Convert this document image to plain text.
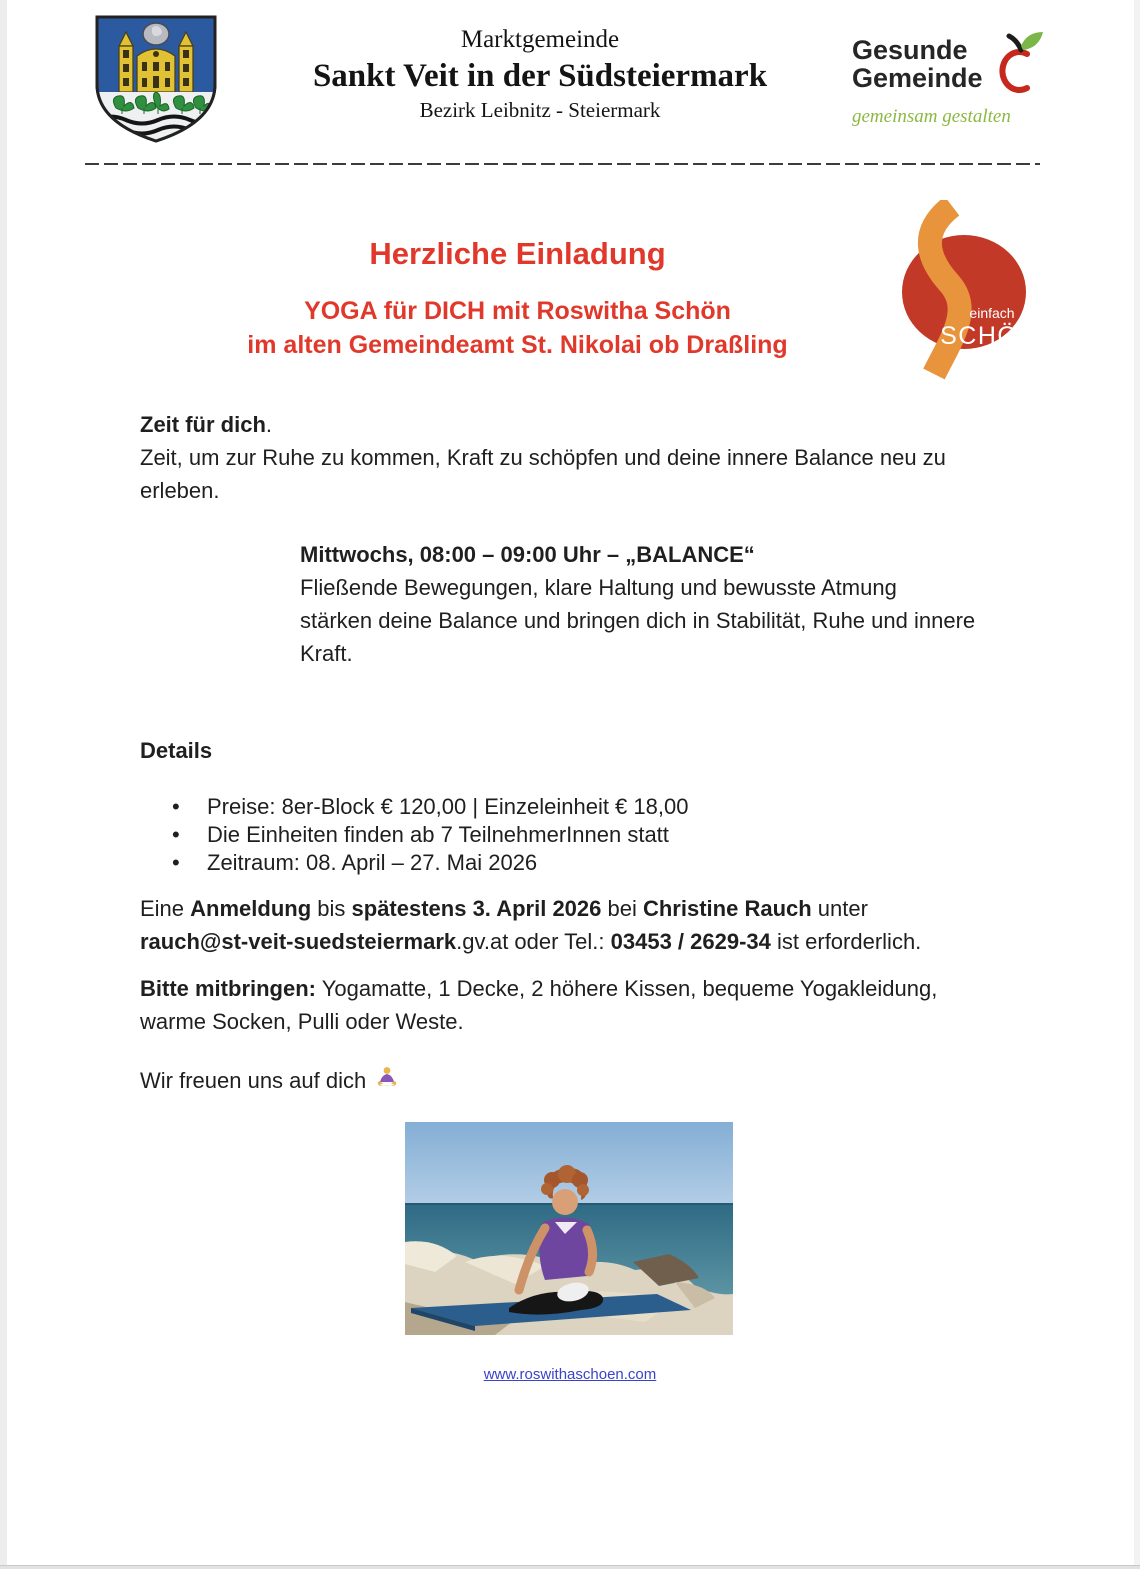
Marktgemeinde
Sankt Veit in der Südsteiermark
Bezirk Leibnitz - Steiermark
Gesunde
Gemeinde
gemeinsam gestalten
Herzliche Einladung
YOGA für DICH mit Roswitha Schön
im alten Gemeindeamt St. Nikolai ob Draßling
einfach
SCHÖN
Zeit für dich.
Zeit, um zur Ruhe zu kommen, Kraft zu schöpfen und deine innere Balance neu zu
erleben.
Mittwochs, 08:00 – 09:00 Uhr – „BALANCE“
Fließende Bewegungen, klare Haltung und bewusste Atmung
stärken deine Balance und bringen dich in Stabilität, Ruhe und innere
Kraft.
Details
•	Preise: 8er-Block € 120,00 | Einzeleinheit € 18,00
•	Die Einheiten finden ab 7 TeilnehmerInnen statt
•	Zeitraum: 08. April – 27. Mai 2026
Eine Anmeldung bis spätestens 3. April 2026 bei Christine Rauch unter
rauch@st-veit-suedsteiermark.gv.at oder Tel.: 03453 / 2629-34 ist erforderlich.
Bitte mitbringen: Yogamatte, 1 Decke, 2 höhere Kissen, bequeme Yogakleidung,
warme Socken, Pulli oder Weste.
Wir freuen uns auf dich
www.roswithaschoen.com
